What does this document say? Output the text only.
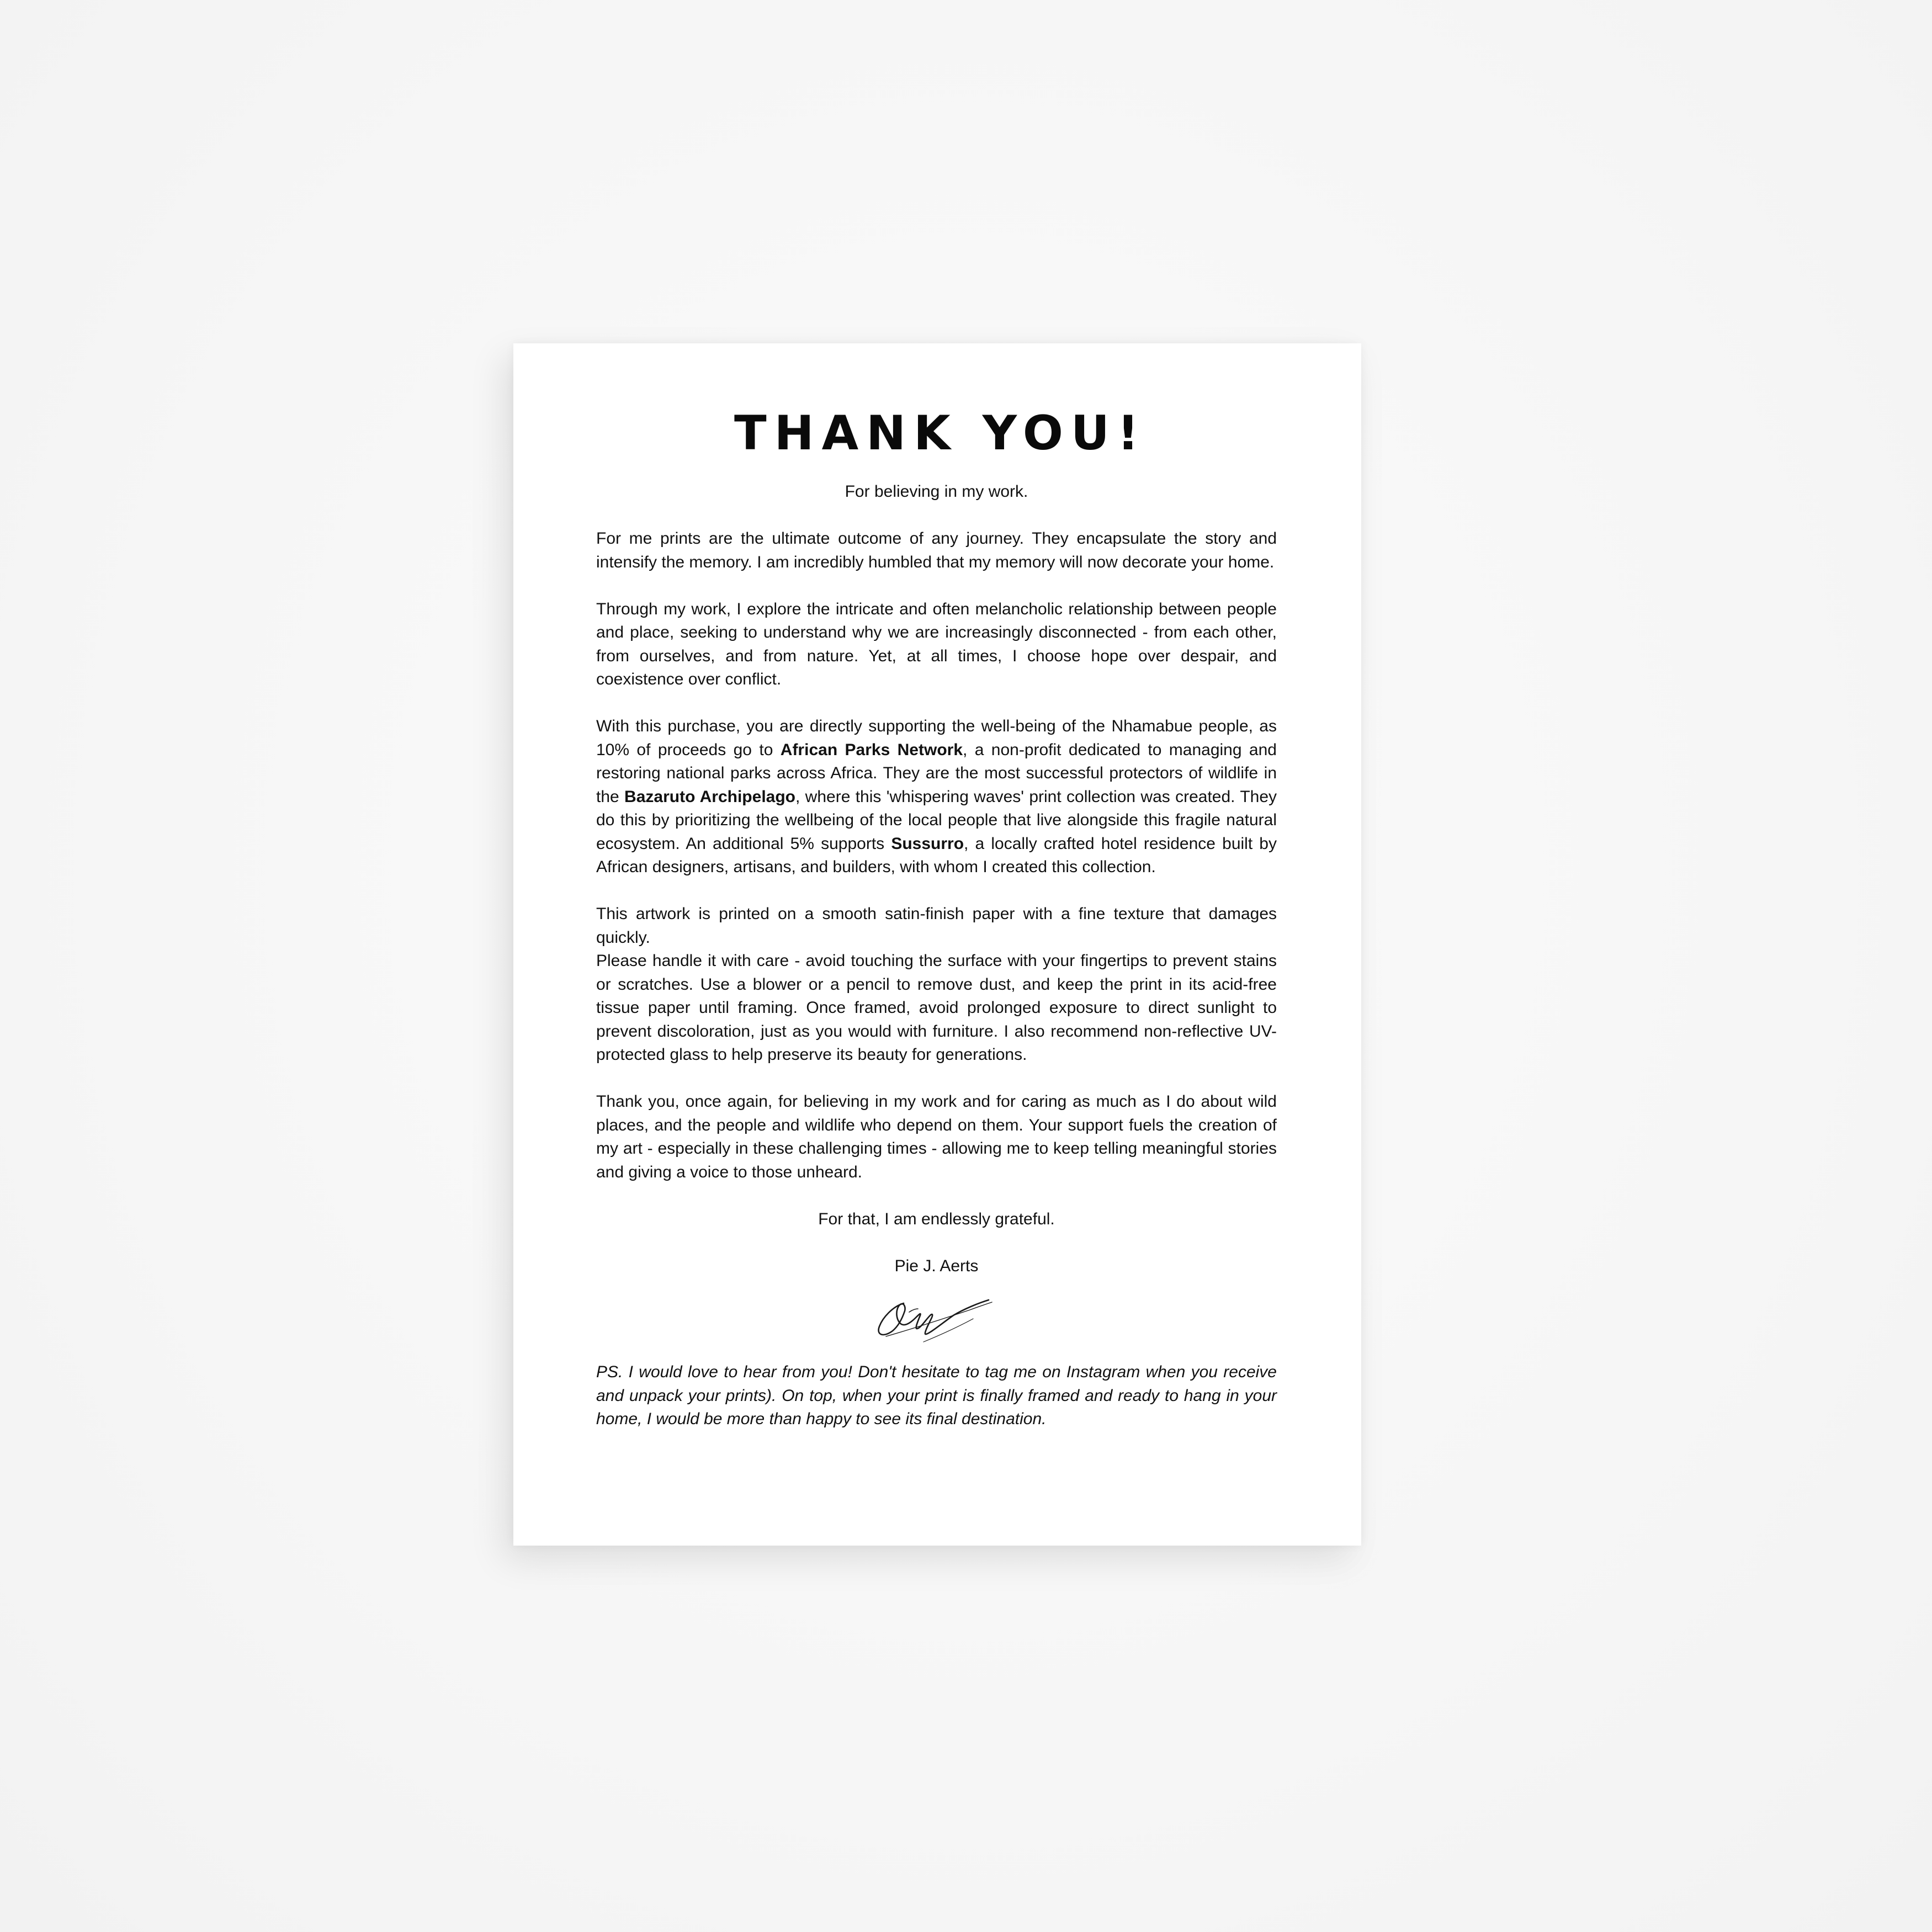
THANK YOU!

For believing in my work.

For me prints are the ultimate outcome of any journey. They encapsulate the story and intensify the memory. I am incredibly humbled that my memory will now decorate your home.

Through my work, I explore the intricate and often melancholic relationship between people and place, seeking to understand why we are increasingly disconnected - from each other, from ourselves, and from nature. Yet, at all times, I choose hope over despair, and coexistence over conflict.

With this purchase, you are directly supporting the well-being of the Nhamabue people, as 10% of proceeds go to African Parks Network, a non-profit dedicated to managing and restoring national parks across Africa. They are the most successful protectors of wildlife in the Bazaruto Archipelago, where this 'whispering waves' print collection was created. They do this by prioritizing the wellbeing of the local people that live alongside this fragile natural ecosystem. An additional 5% supports Sussurro, a locally crafted hotel residence built by African designers, artisans, and builders, with whom I created this collection.

This artwork is printed on a smooth satin-finish paper with a fine texture that damages quickly.
Please handle it with care - avoid touching the surface with your fingertips to prevent stains or scratches. Use a blower or a pencil to remove dust, and keep the print in its acid-free tissue paper until framing. Once framed, avoid prolonged exposure to direct sunlight to prevent discoloration, just as you would with furniture. I also recommend non-reflective UV-protected glass to help preserve its beauty for generations.

Thank you, once again, for believing in my work and for caring as much as I do about wild places, and the people and wildlife who depend on them. Your support fuels the creation of my art - especially in these challenging times - allowing me to keep telling meaningful stories and giving a voice to those unheard.

For that, I am endlessly grateful.

Pie J. Aerts

PS. I would love to hear from you! Don't hesitate to tag me on Instagram when you receive and unpack your prints). On top, when your print is finally framed and ready to hang in your home, I would be more than happy to see its final destination.
